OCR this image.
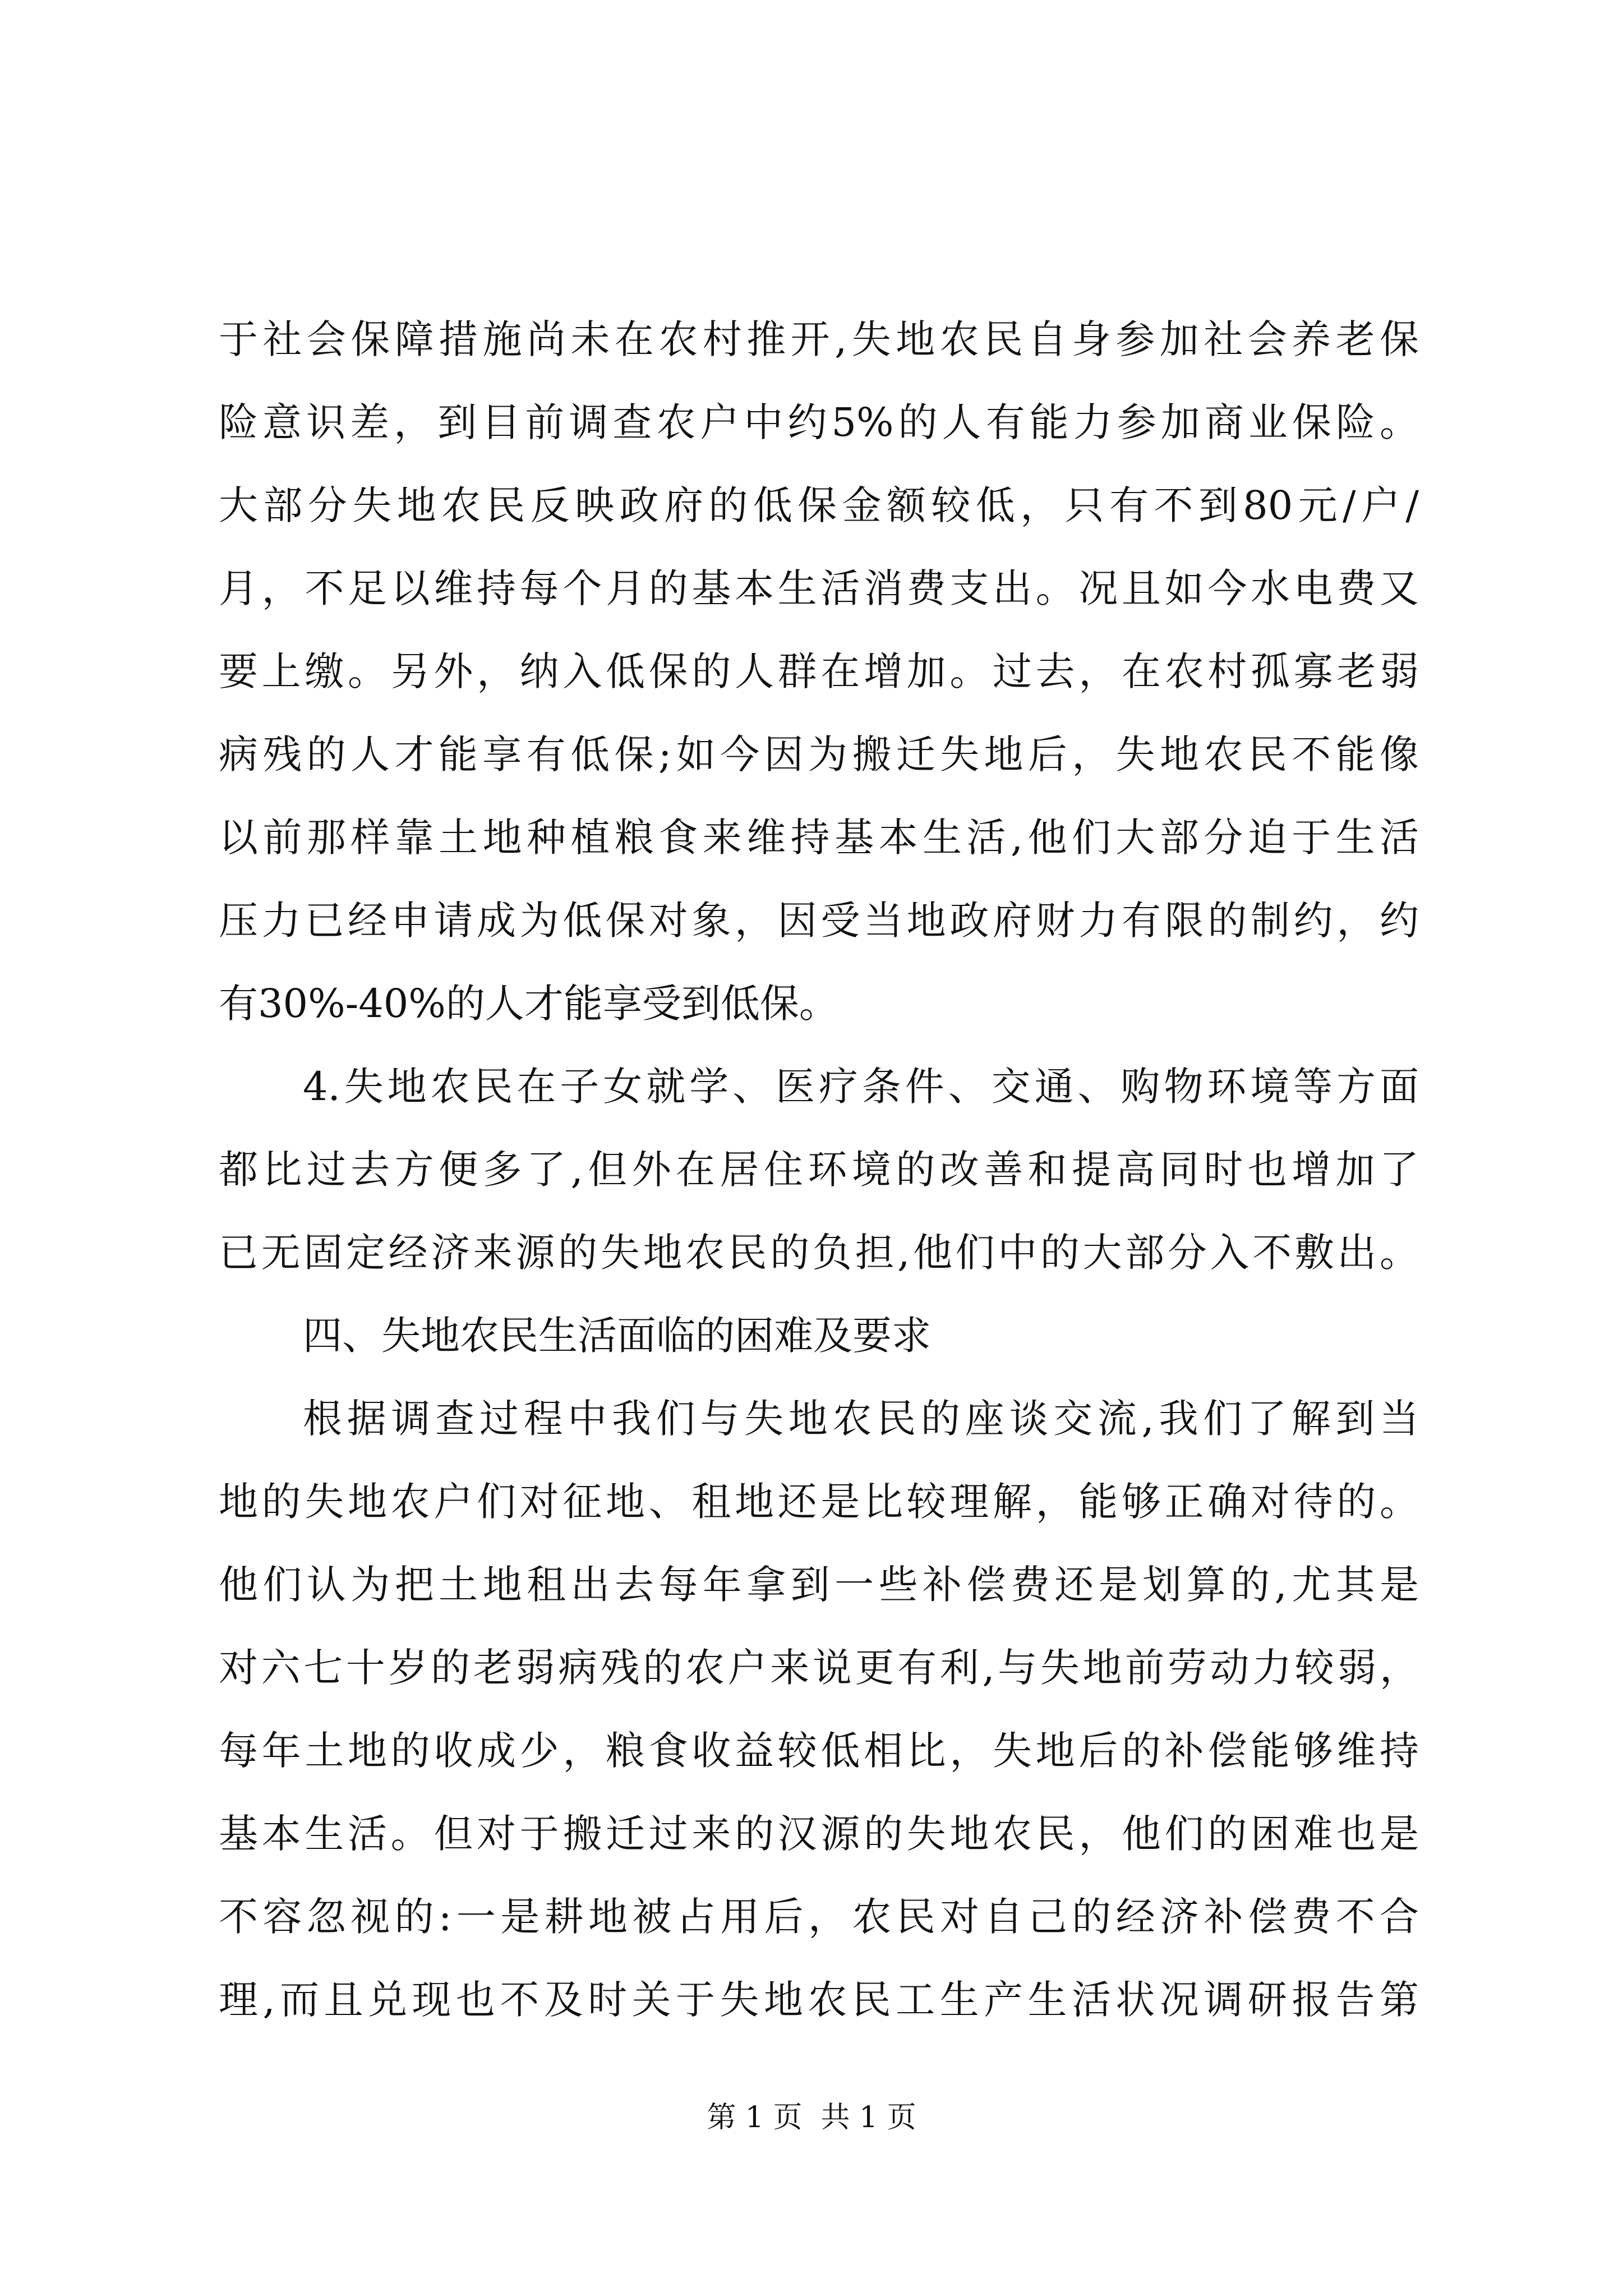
于社会保障措施尚未在农村推开,失地农民自身参加社会养老保
险意识差，到目前调查农户中约5%的人有能力参加商业保险。
大部分失地农民反映政府的低保金额较低，只有不到80元/户/
月，不足以维持每个月的基本生活消费支出。况且如今水电费又
要上缴。另外，纳入低保的人群在增加。过去，在农村孤寡老弱
病残的人才能享有低保;如今因为搬迁失地后，失地农民不能像
以前那样靠土地种植粮食来维持基本生活,他们大部分迫于生活
压力已经申请成为低保对象，因受当地政府财力有限的制约，约
有30%-40%的人才能享受到低保。
4.失地农民在子女就学、医疗条件、交通、购物环境等方面
都比过去方便多了,但外在居住环境的改善和提高同时也增加了
已无固定经济来源的失地农民的负担,他们中的大部分入不敷出。
四、失地农民生活面临的困难及要求
根据调查过程中我们与失地农民的座谈交流,我们了解到当
地的失地农户们对征地、租地还是比较理解，能够正确对待的。
他们认为把土地租出去每年拿到一些补偿费还是划算的,尤其是
对六七十岁的老弱病残的农户来说更有利,与失地前劳动力较弱，
每年土地的收成少，粮食收益较低相比，失地后的补偿能够维持
基本生活。但对于搬迁过来的汉源的失地农民，他们的困难也是
不容忽视的:一是耕地被占用后，农民对自己的经济补偿费不合
理,而且兑现也不及时关于失地农民工生产生活状况调研报告第
第 1 页  共 1 页
